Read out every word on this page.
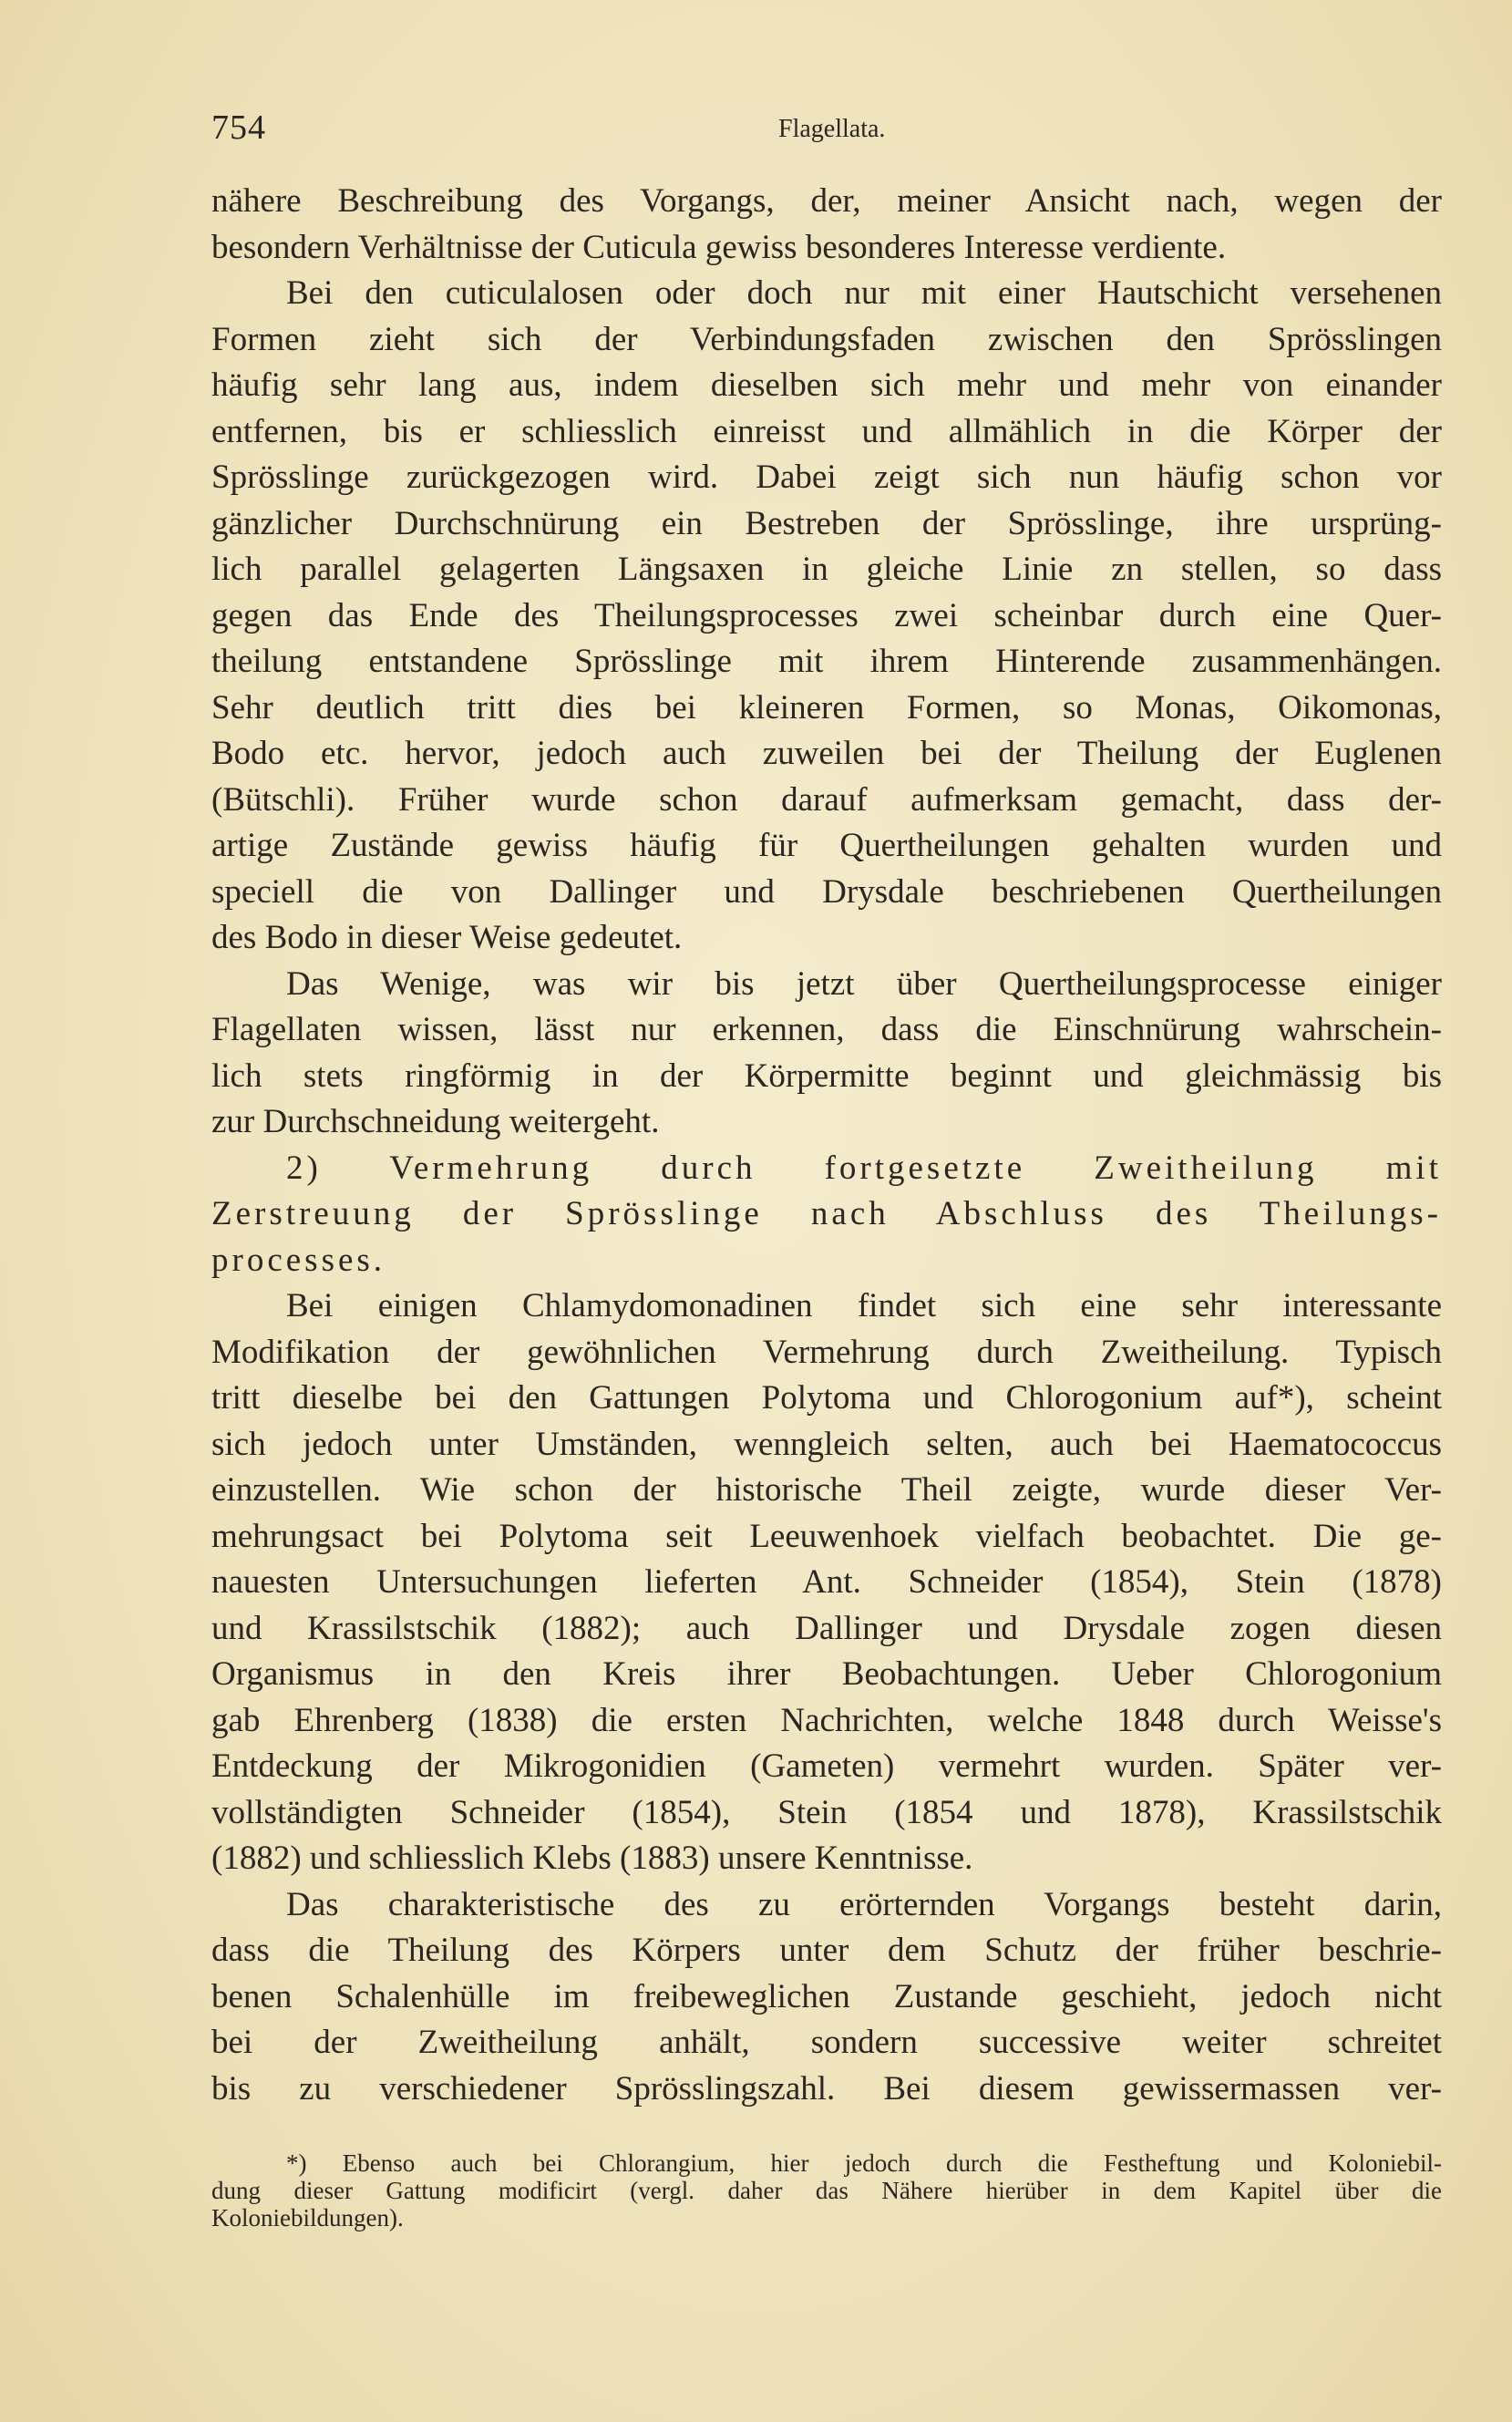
754	Flagellata.
nähere Beschreibung des Vorgangs, der, meiner Ansicht nach, wegen der
besondern Verhältnisse der Cuticula gewiss besonderes Interesse verdiente.
Bei den cuticulalosen oder doch nur mit einer Hautschicht versehenen
Formen zieht sich der Verbindungsfaden zwischen den Sprösslingen
häufig sehr lang aus, indem dieselben sich mehr und mehr von einander
entfernen, bis er schliesslich einreisst und allmählich in die Körper der
Sprösslinge zurückgezogen wird. Dabei zeigt sich nun häufig schon vor
gänzlicher Durchschnürung ein Bestreben der Sprösslinge, ihre ursprüng-
lich parallel gelagerten Längsaxen in gleiche Linie zn stellen, so dass
gegen das Ende des Theilungsprocesses zwei scheinbar durch eine Quer-
theilung entstandene Sprösslinge mit ihrem Hinterende zusammenhängen.
Sehr deutlich tritt dies bei kleineren Formen, so Monas, Oikomonas,
Bodo etc. hervor, jedoch auch zuweilen bei der Theilung der Euglenen
(Bütschli). Früher wurde schon darauf aufmerksam gemacht, dass der-
artige Zustände gewiss häufig für Quertheilungen gehalten wurden und
speciell die von Dallinger und Drysdale beschriebenen Quertheilungen
des Bodo in dieser Weise gedeutet.
Das Wenige, was wir bis jetzt über Quertheilungsprocesse einiger
Flagellaten wissen, lässt nur erkennen, dass die Einschnürung wahrschein-
lich stets ringförmig in der Körpermitte beginnt und gleichmässig bis
zur Durchschneidung weitergeht.
2) Vermehrung durch fortgesetzte Zweitheilung mit
Zerstreuung der Sprösslinge nach Abschluss des Theilungs-
processes.
Bei einigen Chlamydomonadinen findet sich eine sehr interessante
Modifikation der gewöhnlichen Vermehrung durch Zweitheilung. Typisch
tritt dieselbe bei den Gattungen Polytoma und Chlorogonium auf*), scheint
sich jedoch unter Umständen, wenngleich selten, auch bei Haematococcus
einzustellen. Wie schon der historische Theil zeigte, wurde dieser Ver-
mehrungsact bei Polytoma seit Leeuwenhoek vielfach beobachtet. Die ge-
nauesten Untersuchungen lieferten Ant. Schneider (1854), Stein (1878)
und Krassilstschik (1882); auch Dallinger und Drysdale zogen diesen
Organismus in den Kreis ihrer Beobachtungen. Ueber Chlorogonium
gab Ehrenberg (1838) die ersten Nachrichten, welche 1848 durch Weisse's
Entdeckung der Mikrogonidien (Gameten) vermehrt wurden. Später ver-
vollständigten Schneider (1854), Stein (1854 und 1878), Krassilstschik
(1882) und schliesslich Klebs (1883) unsere Kenntnisse.
Das charakteristische des zu erörternden Vorgangs besteht darin,
dass die Theilung des Körpers unter dem Schutz der früher beschrie-
benen Schalenhülle im freibeweglichen Zustande geschieht, jedoch nicht
bei der Zweitheilung anhält, sondern successive weiter schreitet
bis zu verschiedener Sprösslingszahl. Bei diesem gewissermassen ver-
*) Ebenso auch bei Chlorangium, hier jedoch durch die Festheftung und Koloniebil-
dung dieser Gattung modificirt (vergl. daher das Nähere hierüber in dem Kapitel über die
Koloniebildungen).
